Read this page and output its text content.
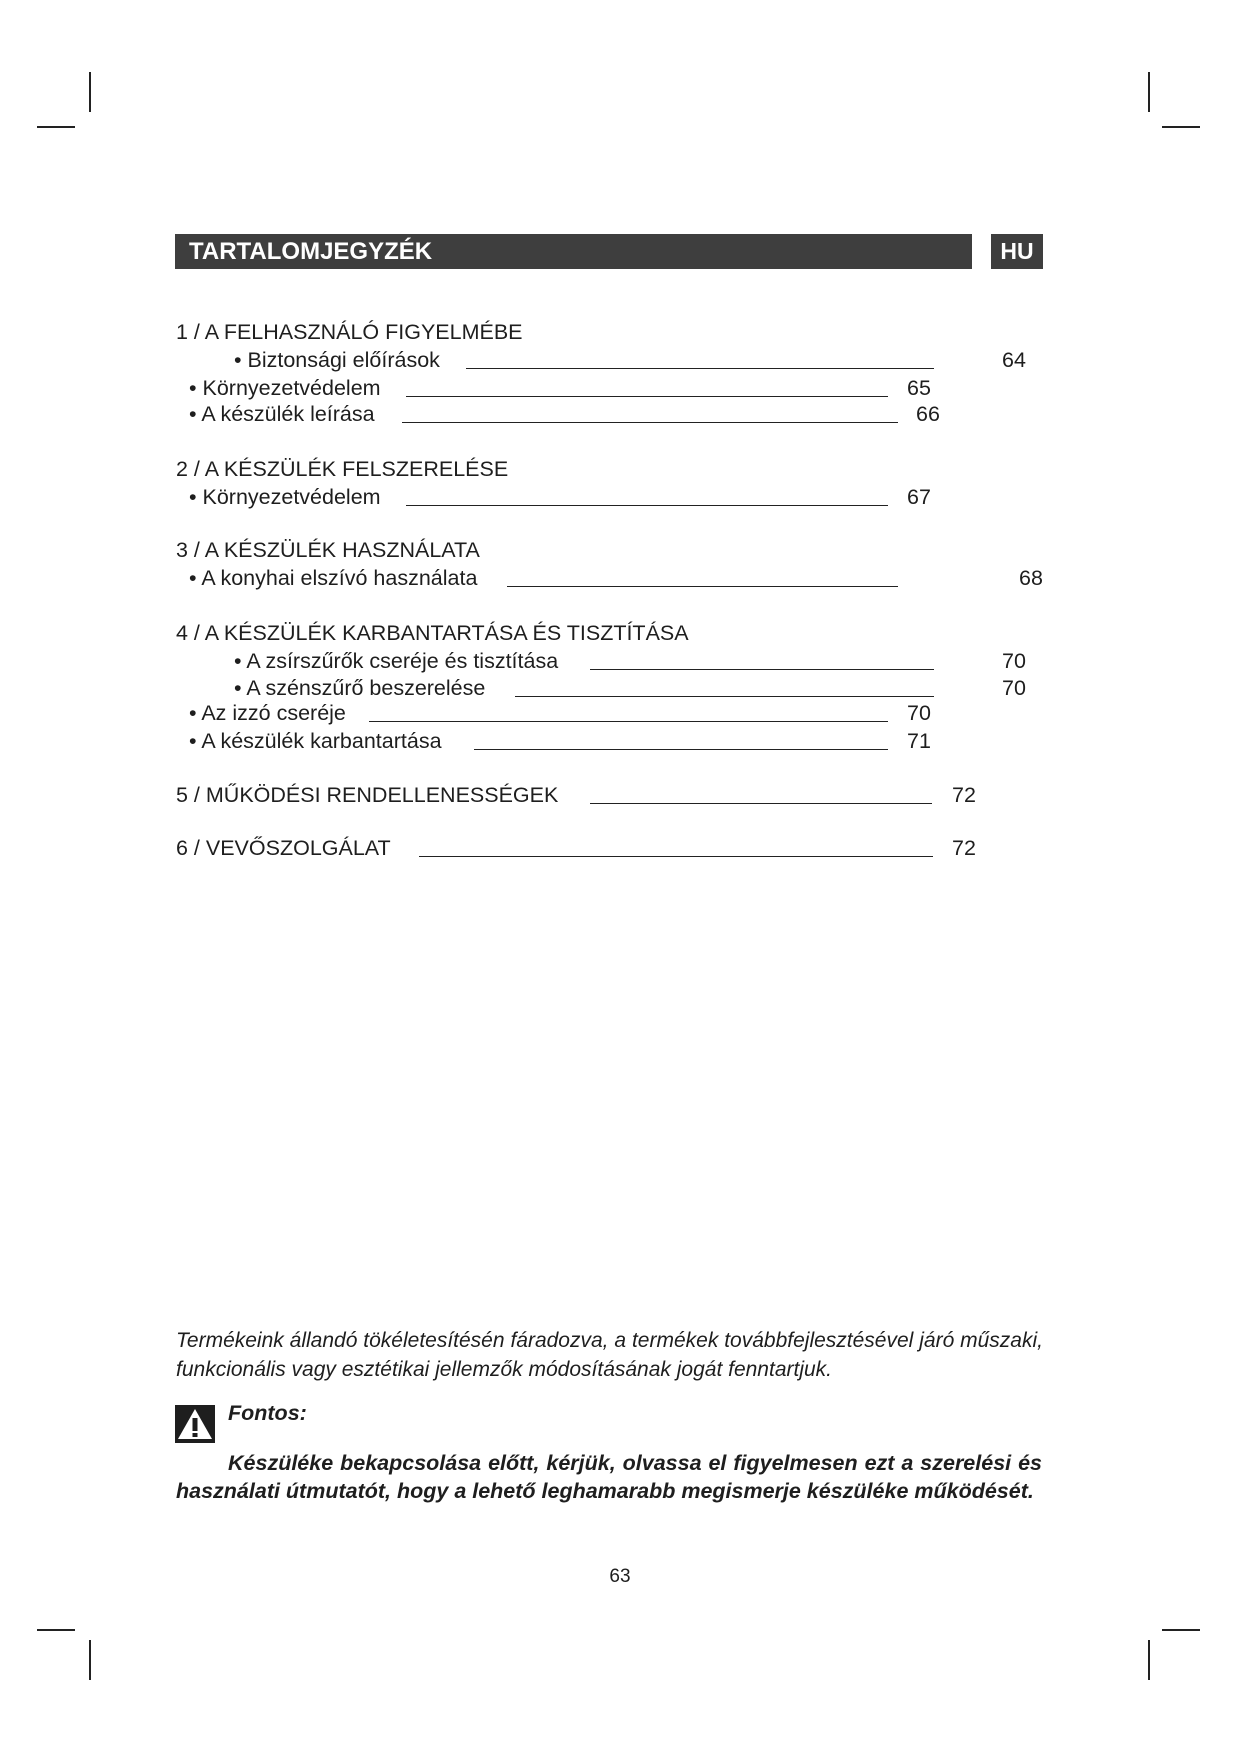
TARTALOMJEGYZÉK	HU
1 / A FELHASZNÁLÓ FIGYELMÉBE
• Biztonsági előírások	64
• Környezetvédelem	65
• A készülék leírása	66
2 / A KÉSZÜLÉK FELSZERELÉSE
• Környezetvédelem	67
3 / A KÉSZÜLÉK HASZNÁLATA
• A konyhai elszívó használata	68
4 / A KÉSZÜLÉK KARBANTARTÁSA ÉS TISZTÍTÁSA
• A zsírszűrők cseréje és tisztítása	70
• A szénszűrő beszerelése	70
• Az izzó cseréje	70
• A készülék karbantartása	71
5 / MŰKÖDÉSI RENDELLENESSÉGEK	72
6 / VEVŐSZOLGÁLAT	72

Termékeink állandó tökéletesítésén fáradozva, a termékek továbbfejlesztésével járó műszaki, funkcionális vagy esztétikai jellemzők módosításának jogát fenntartjuk.

Fontos:

Készüléke bekapcsolása előtt, kérjük, olvassa el figyelmesen ezt a szerelési és használati útmutatót, hogy a lehető leghamarabb megismerje készüléke működését.

63
